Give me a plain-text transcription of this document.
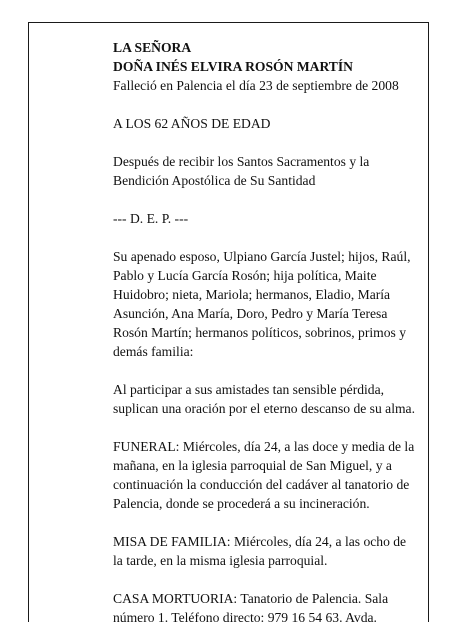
LA SEÑORA

DOÑA INÉS ELVIRA ROSÓN MARTÍN

Falleció en Palencia el día 23 de septiembre de 2008

A LOS 62 AÑOS DE EDAD

Después de recibir los Santos Sacramentos y la Bendición Apostólica de Su Santidad

--- D. E. P. ---

Su apenado esposo, Ulpiano García Justel; hijos, Raúl, Pablo y Lucía García Rosón; hija política, Maite Huidobro; nieta, Mariola; hermanos, Eladio, María Asunción, Ana María, Doro, Pedro y María Teresa Rosón Martín; hermanos políticos, sobrinos, primos y demás familia:

Al participar a sus amistades tan sensible pérdida, suplican una oración por el eterno descanso de su alma.

FUNERAL: Miércoles, día 24, a las doce y media de la mañana, en la iglesia parroquial de San Miguel, y a continuación la conducción del cadáver al tanatorio de Palencia, donde se procederá a su incineración.

MISA DE FAMILIA: Miércoles, día 24, a las ocho de la tarde, en la misma iglesia parroquial.

CASA MORTUORIA: Tanatorio de Palencia. Sala número 1. Teléfono directo: 979 16 54 63. Avda.
